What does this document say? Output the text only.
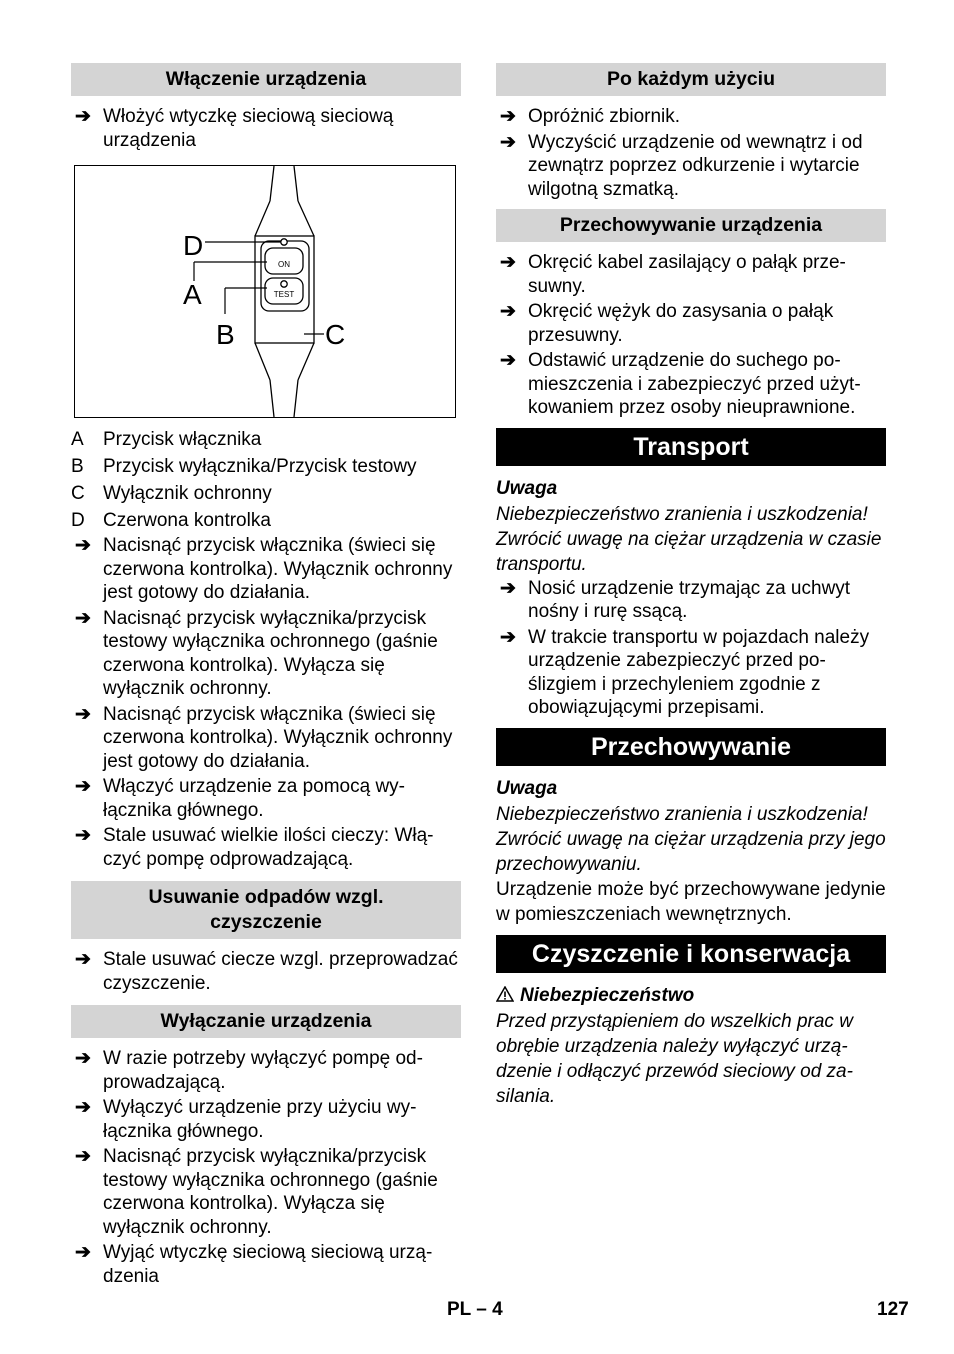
Włączenie urządzenia
➔ Włożyć wtyczkę sieciową sieciową urządzenia
ON
TEST
D
A
B	C
A Przycisk włącznika
B Przycisk wyłącznika/Przycisk testowy
C Wyłącznik ochronny
D Czerwona kontrolka
➔ Nacisnąć przycisk włącznika (świeci się czerwona kontrolka). Wyłącznik ochronny jest gotowy do działania.
➔ Nacisnąć przycisk wyłącznika/przycisk testowy wyłącznika ochronnego (gaśnie czerwona kontrolka). Wyłącza się wyłącznik ochronny.
➔ Nacisnąć przycisk włącznika (świeci się czerwona kontrolka). Wyłącznik ochronny jest gotowy do działania.
➔ Włączyć urządzenie za pomocą wyłącznika głównego.
➔ Stale usuwać wielkie ilości cieczy: Włączyć pompę odprowadzającą.
Usuwanie odpadów wzgl. czyszczenie
➔ Stale usuwać ciecze wzgl. przeprowadzać czyszczenie.
Wyłączanie urządzenia
➔ W razie potrzeby wyłączyć pompę odprowadzającą.
➔ Wyłączyć urządzenie przy użyciu wyłącznika głównego.
➔ Nacisnąć przycisk wyłącznika/przycisk testowy wyłącznika ochronnego (gaśnie czerwona kontrolka). Wyłącza się wyłącznik ochronny.
➔ Wyjąć wtyczkę sieciową sieciową urządzenia
Po każdym użyciu
➔ Opróżnić zbiornik.
➔ Wyczyścić urządzenie od wewnątrz i od zewnątrz poprzez odkurzenie i wytarcie wilgotną szmatką.
Przechowywanie urządzenia
➔ Okręcić kabel zasilający o pałąk przesuwny.
➔ Okręcić wężyk do zasysania o pałąk przesuwny.
➔ Odstawić urządzenie do suchego pomieszczenia i zabezpieczyć przed użytkowaniem przez osoby nieuprawnione.
Transport
Uwaga
Niebezpieczeństwo zranienia i uszkodzenia! Zwrócić uwagę na ciężar urządzenia w czasie transportu.
➔ Nosić urządzenie trzymając za uchwyt nośny i rurę ssącą.
➔ W trakcie transportu w pojazdach należy urządzenie zabezpieczyć przed poślizgiem i przechyleniem zgodnie z obowiązującymi przepisami.
Przechowywanie
Uwaga
Niebezpieczeństwo zranienia i uszkodzenia! Zwrócić uwagę na ciężar urządzenia przy jego przechowywaniu.
Urządzenie może być przechowywane jedynie w pomieszczeniach wewnętrznych.
Czyszczenie i konserwacja
Niebezpieczeństwo
Przed przystąpieniem do wszelkich prac w obrębie urządzenia należy wyłączyć urządzenie i odłączyć przewód sieciowy od zasilania.
PL – 4	127
